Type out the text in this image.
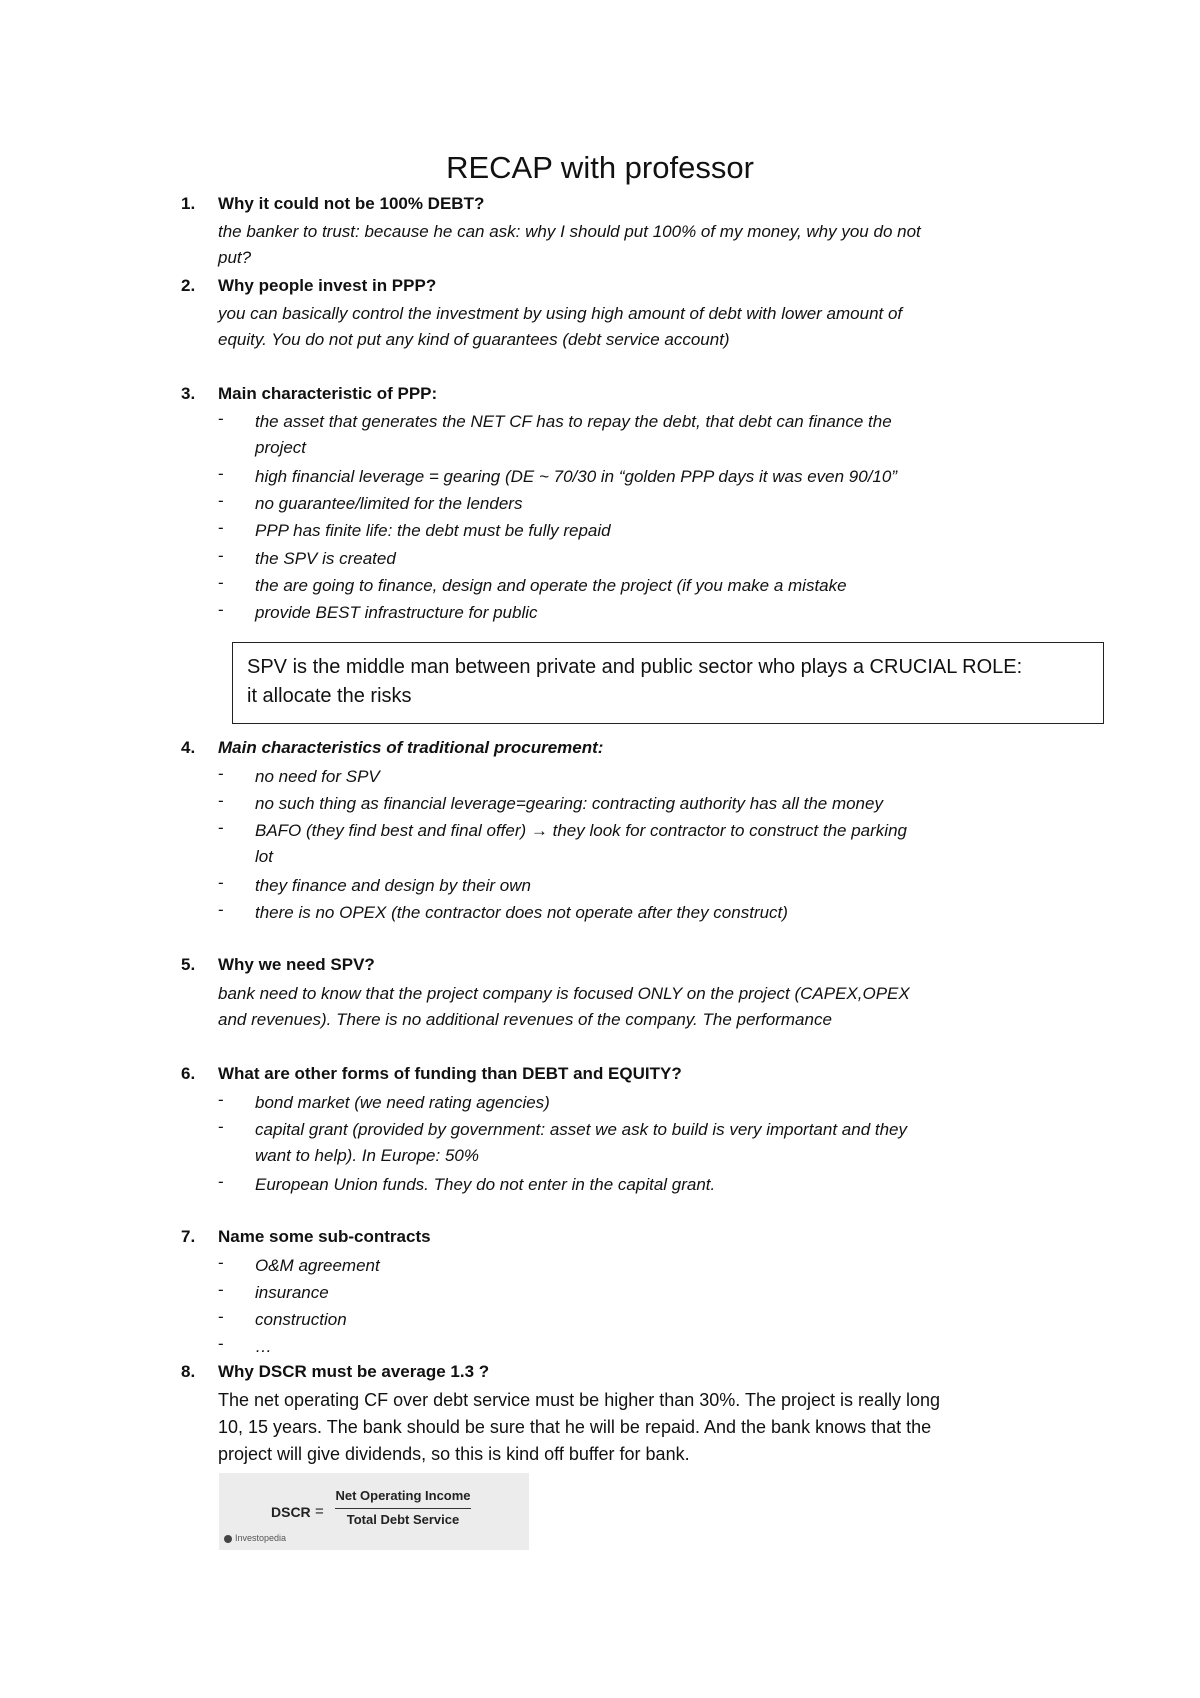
RECAP with professor
1.	Why it could not be 100% DEBT?
the banker to trust: because he can ask: why I should put 100% of my money, why you do not
put?
2.	Why people invest in PPP?
you can basically control the investment by using high amount of debt with lower amount of
equity. You do not put any kind of guarantees (debt service account)
3.	Main characteristic of PPP:
- the asset that generates the NET CF has to repay the debt, that debt can finance the
project
- high financial leverage = gearing (DE ~ 70/30 in “golden PPP days it was even 90/10”
- no guarantee/limited for the lenders
- PPP has finite life: the debt must be fully repaid
- the SPV is created
- the are going to finance, design and operate the project (if you make a mistake
- provide BEST infrastructure for public
SPV is the middle man between private and public sector who plays a CRUCIAL ROLE:
it allocate the risks
4.	Main characteristics of traditional procurement:
- no need for SPV
- no such thing as financial leverage=gearing: contracting authority has all the money
- BAFO (they find best and final offer) → they look for contractor to construct the parking
lot
- they finance and design by their own
- there is no OPEX (the contractor does not operate after they construct)
5.	Why we need SPV?
bank need to know that the project company is focused ONLY on the project (CAPEX,OPEX
and revenues). There is no additional revenues of the company. The performance
6.	What are other forms of funding than DEBT and EQUITY?
- bond market (we need rating agencies)
- capital grant (provided by government: asset we ask to build is very important and they
want to help). In Europe: 50%
- European Union funds. They do not enter in the capital grant.
7.	Name some sub-contracts
- O&M agreement
- insurance
- construction
- …
8.	Why DSCR must be average 1.3 ?
The net operating CF over debt service must be higher than 30%. The project is really long
10, 15 years. The bank should be sure that he will be repaid. And the bank knows that the
project will give dividends, so this is kind off buffer for bank.
DSCR =
Net Operating Income
Total Debt Service
Investopedia
